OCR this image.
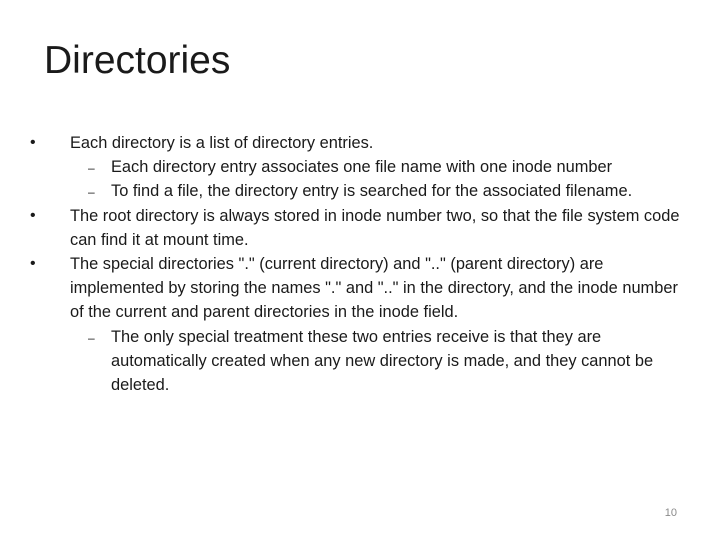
Directories
• Each directory is a list of directory entries.
– Each directory entry associates one file name with one inode number
– To find a file, the directory entry is searched for the associated filename.
• The root directory is always stored in inode number two, so that the file system code can find it at mount time.
• The special directories "." (current directory) and ".." (parent directory) are implemented by storing the names "." and ".." in the directory, and the inode number of the current and parent directories in the inode field.
– The only special treatment these two entries receive is that they are automatically created when any new directory is made, and they cannot be deleted.
10
